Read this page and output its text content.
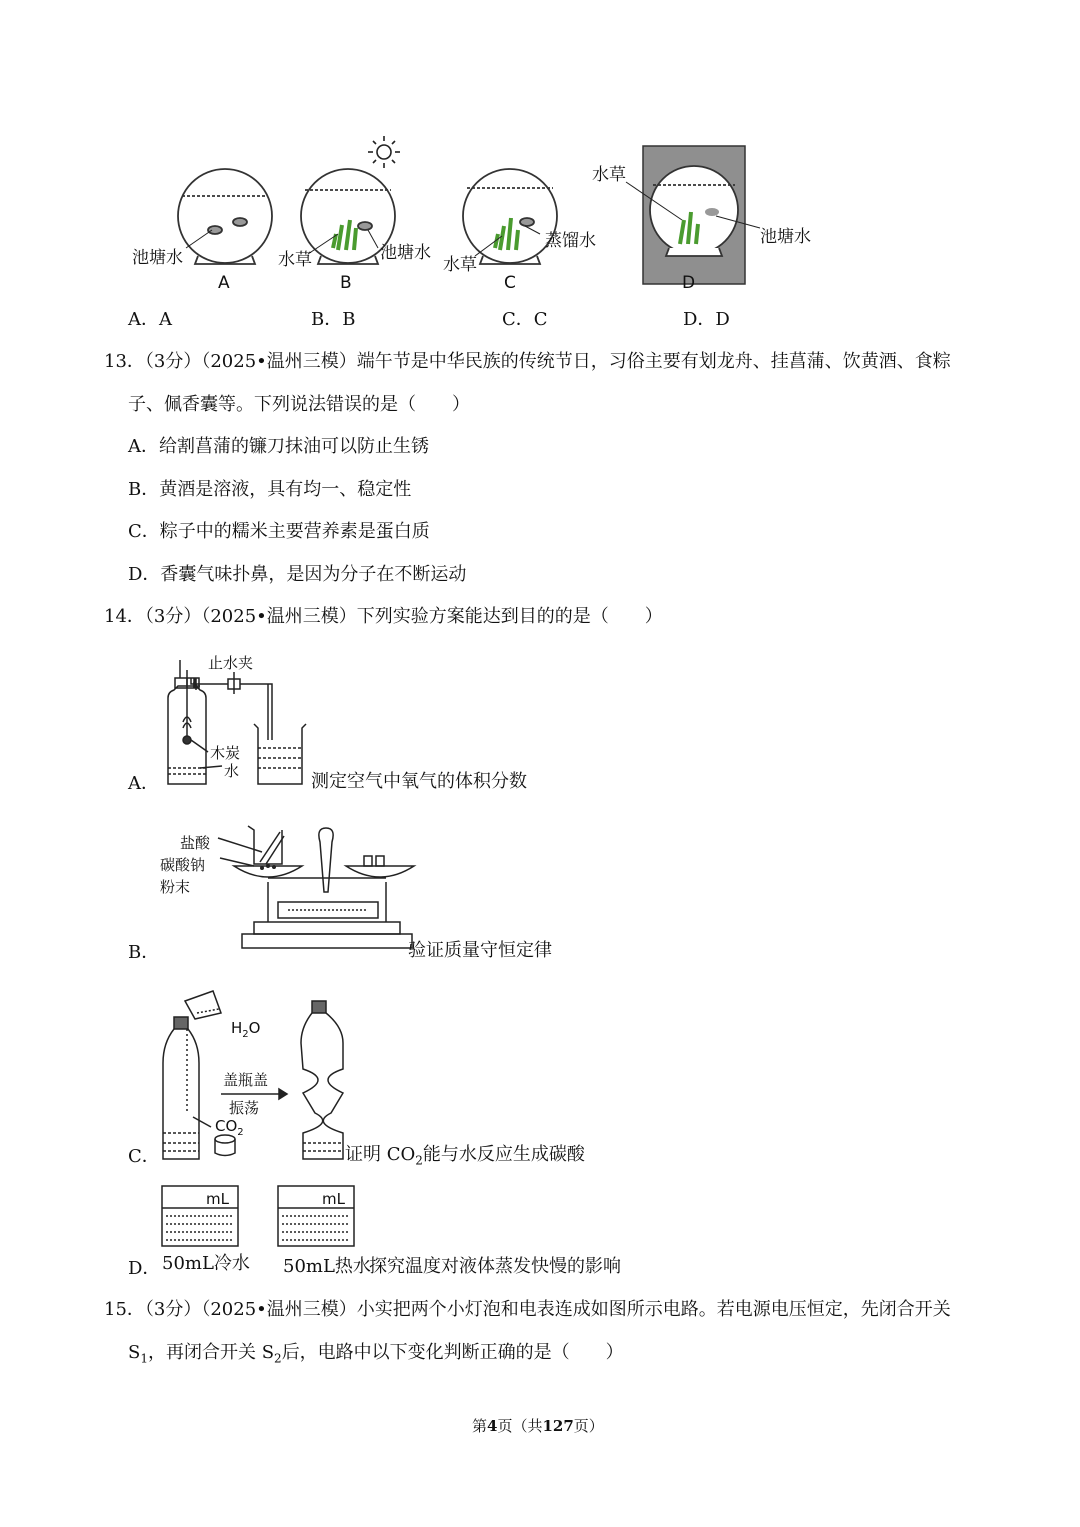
池塘水
A
水草	池塘水
B
蒸馏水
水草
C
水草
池塘水
D
A．A	B．B	C．C	D．D
13．（3分）（2025•温州三模）端午节是中华民族的传统节日，习俗主要有划龙舟、挂菖蒲、饮黄酒、食粽
子、佩香囊等。下列说法错误的是（　　）
A．给割菖蒲的镰刀抹油可以防止生锈
B．黄酒是溶液，具有均一、稳定性
C．粽子中的糯米主要营养素是蛋白质
D．香囊气味扑鼻，是因为分子在不断运动
14．（3分）（2025•温州三模）下列实验方案能达到目的的是（　　）
止水夹
木炭
水
A．	测定空气中氧气的体积分数
盐酸
碳酸钠
粉末
B．	验证质量守恒定律
$H_2O$
盖瓶盖
振荡
$CO_2$
C．	证明 $CO_2$能与水反应生成碳酸
mL	mL
D． 50mL冷水 50mL热水
探究温度对液体蒸发快慢的影响
15．（3分）（2025•温州三模）小实把两个小灯泡和电表连成如图所示电路。若电源电压恒定，先闭合开关
$S_1$，再闭合开关 $S_2$后，电路中以下变化判断正确的是（　　）
第4页（共127页）
